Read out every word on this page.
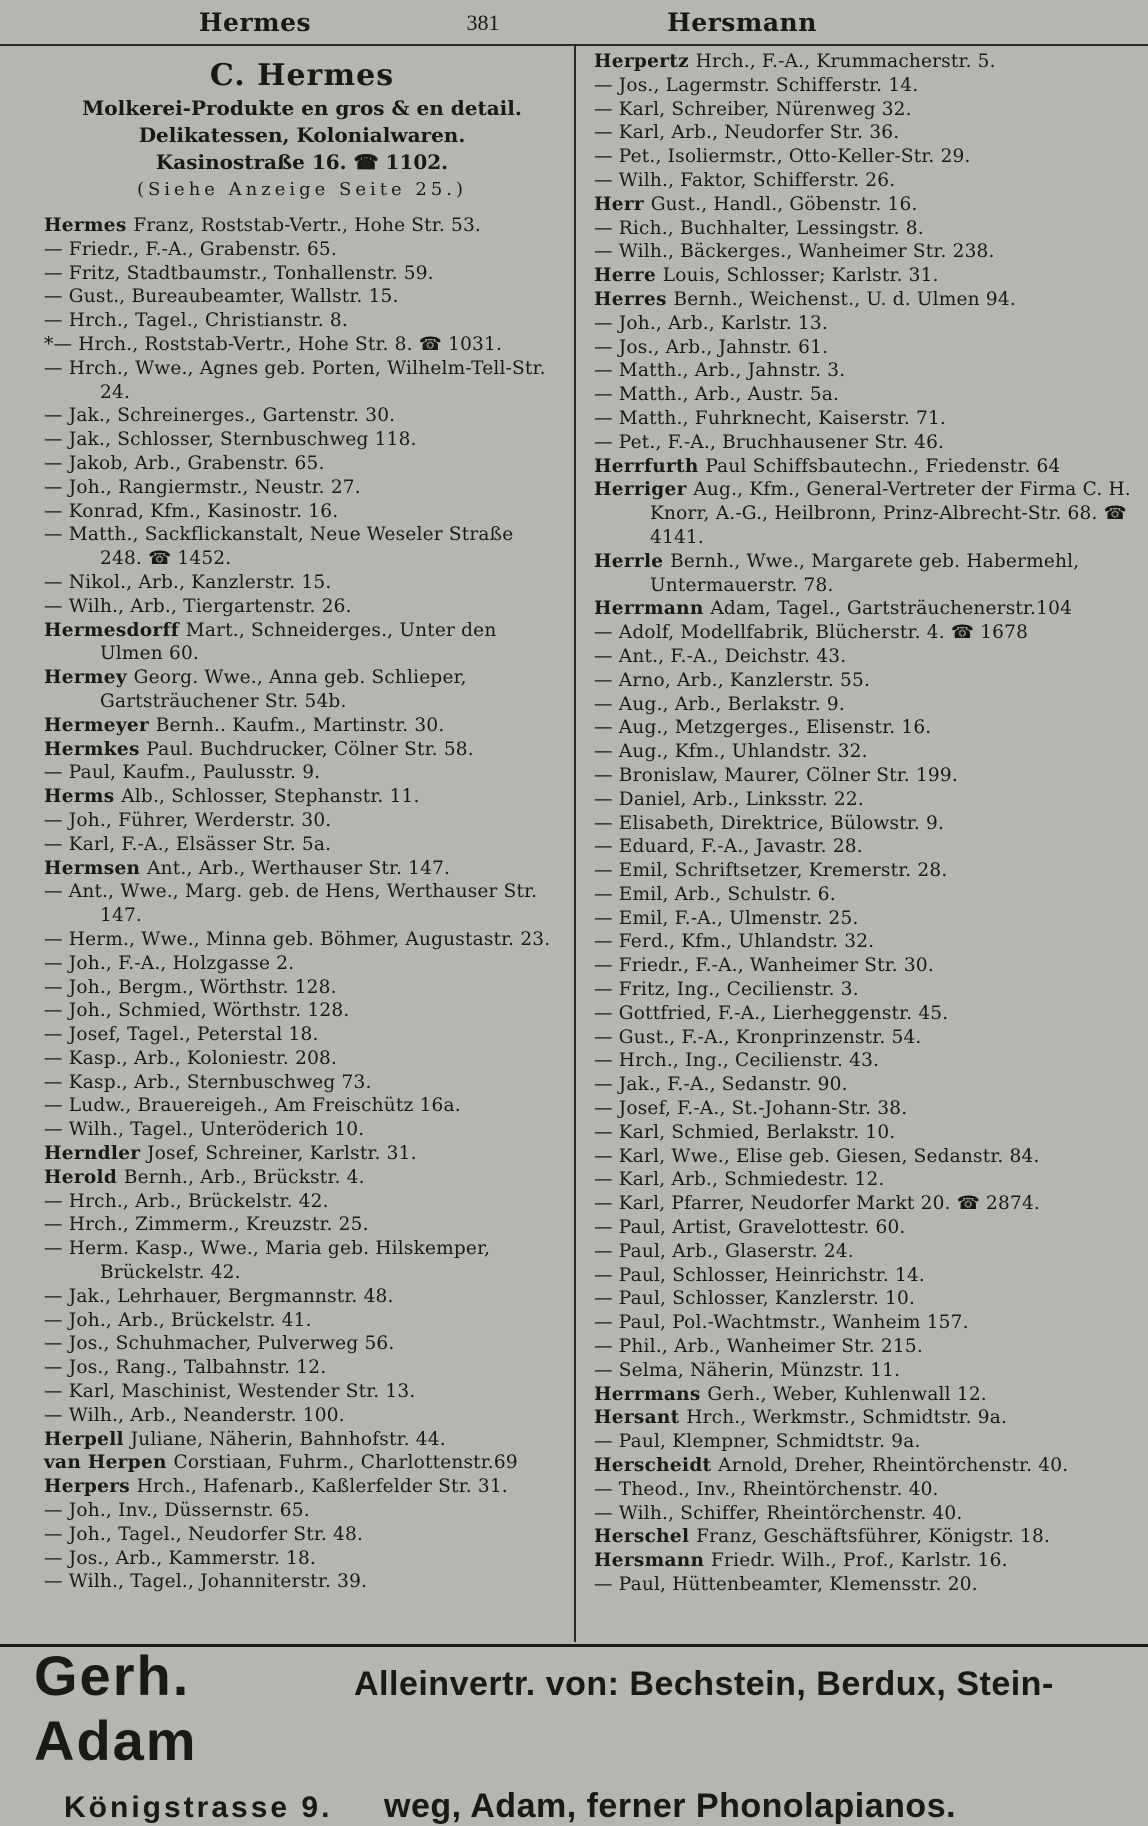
Hermes	381	Hersmann
C. Hermes
Molkerei-Produkte en gros & en detail.
Delikatessen, Kolonialwaren.
Kasinostraße 16. ☎ 1102.
(Siehe Anzeige Seite 25.)
Hermes Franz, Roststab-Vertr., Hohe Str. 53.
— Friedr., F.-A., Grabenstr. 65.
— Fritz, Stadtbaumstr., Tonhallenstr. 59.
— Gust., Bureaubeamter, Wallstr. 15.
— Hrch., Tagel., Christianstr. 8.
*— Hrch., Roststab-Vertr., Hohe Str. 8. ☎ 1031.
— Hrch., Wwe., Agnes geb. Porten, Wilhelm-Tell-Str. 24.
— Jak., Schreinerges., Gartenstr. 30.
— Jak., Schlosser, Sternbuschweg 118.
— Jakob, Arb., Grabenstr. 65.
— Joh., Rangiermstr., Neustr. 27.
— Konrad, Kfm., Kasinostr. 16.
— Matth., Sackflickanstalt, Neue Weseler Straße 248. ☎ 1452.
— Nikol., Arb., Kanzlerstr. 15.
— Wilh., Arb., Tiergartenstr. 26.
Hermesdorff Mart., Schneiderges., Unter den Ulmen 60.
Hermey Georg. Wwe., Anna geb. Schlieper, Gartsträuchener Str. 54b.
Hermeyer Bernh.. Kaufm., Martinstr. 30.
Hermkes Paul. Buchdrucker, Cölner Str. 58.
— Paul, Kaufm., Paulusstr. 9.
Herms Alb., Schlosser, Stephanstr. 11.
— Joh., Führer, Werderstr. 30.
— Karl, F.-A., Elsässer Str. 5a.
Hermsen Ant., Arb., Werthauser Str. 147.
— Ant., Wwe., Marg. geb. de Hens, Werthauser Str. 147.
— Herm., Wwe., Minna geb. Böhmer, Augustastr. 23.
— Joh., F.-A., Holzgasse 2.
— Joh., Bergm., Wörthstr. 128.
— Joh., Schmied, Wörthstr. 128.
— Josef, Tagel., Peterstal 18.
— Kasp., Arb., Koloniestr. 208.
— Kasp., Arb., Sternbuschweg 73.
— Ludw., Brauereigeh., Am Freischütz 16a.
— Wilh., Tagel., Unteröderich 10.
Herndler Josef, Schreiner, Karlstr. 31.
Herold Bernh., Arb., Brückstr. 4.
— Hrch., Arb., Brückelstr. 42.
— Hrch., Zimmerm., Kreuzstr. 25.
— Herm. Kasp., Wwe., Maria geb. Hilskemper, Brückelstr. 42.
— Jak., Lehrhauer, Bergmannstr. 48.
— Joh., Arb., Brückelstr. 41.
— Jos., Schuhmacher, Pulverweg 56.
— Jos., Rang., Talbahnstr. 12.
— Karl, Maschinist, Westender Str. 13.
— Wilh., Arb., Neanderstr. 100.
Herpell Juliane, Näherin, Bahnhofstr. 44.
van Herpen Corstiaan, Fuhrm., Charlottenstr.69
Herpers Hrch., Hafenarb., Kaßlerfelder Str. 31.
— Joh., Inv., Düssernstr. 65.
— Joh., Tagel., Neudorfer Str. 48.
— Jos., Arb., Kammerstr. 18.
— Wilh., Tagel., Johanniterstr. 39.
Herpertz Hrch., F.-A., Krummacherstr. 5.
— Jos., Lagermstr. Schifferstr. 14.
— Karl, Schreiber, Nürenweg 32.
— Karl, Arb., Neudorfer Str. 36.
— Pet., Isoliermstr., Otto-Keller-Str. 29.
— Wilh., Faktor, Schifferstr. 26.
Herr Gust., Handl., Göbenstr. 16.
— Rich., Buchhalter, Lessingstr. 8.
— Wilh., Bäckerges., Wanheimer Str. 238.
Herre Louis, Schlosser; Karlstr. 31.
Herres Bernh., Weichenst., U. d. Ulmen 94.
— Joh., Arb., Karlstr. 13.
— Jos., Arb., Jahnstr. 61.
— Matth., Arb., Jahnstr. 3.
— Matth., Arb., Austr. 5a.
— Matth., Fuhrknecht, Kaiserstr. 71.
— Pet., F.-A., Bruchhausener Str. 46.
Herrfurth Paul Schiffsbautechn., Friedenstr. 64
Herriger Aug., Kfm., General-Vertreter der Firma C. H. Knorr, A.-G., Heilbronn, Prinz-Albrecht-Str. 68. ☎ 4141.
Herrle Bernh., Wwe., Margarete geb. Habermehl, Untermauerstr. 78.
Herrmann Adam, Tagel., Gartsträuchenerstr.104
— Adolf, Modellfabrik, Blücherstr. 4. ☎ 1678
— Ant., F.-A., Deichstr. 43.
— Arno, Arb., Kanzlerstr. 55.
— Aug., Arb., Berlakstr. 9.
— Aug., Metzgerges., Elisenstr. 16.
— Aug., Kfm., Uhlandstr. 32.
— Bronislaw, Maurer, Cölner Str. 199.
— Daniel, Arb., Linksstr. 22.
— Elisabeth, Direktrice, Bülowstr. 9.
— Eduard, F.-A., Javastr. 28.
— Emil, Schriftsetzer, Kremerstr. 28.
— Emil, Arb., Schulstr. 6.
— Emil, F.-A., Ulmenstr. 25.
— Ferd., Kfm., Uhlandstr. 32.
— Friedr., F.-A., Wanheimer Str. 30.
— Fritz, Ing., Cecilienstr. 3.
— Gottfried, F.-A., Lierheggenstr. 45.
— Gust., F.-A., Kronprinzenstr. 54.
— Hrch., Ing., Cecilienstr. 43.
— Jak., F.-A., Sedanstr. 90.
— Josef, F.-A., St.-Johann-Str. 38.
— Karl, Schmied, Berlakstr. 10.
— Karl, Wwe., Elise geb. Giesen, Sedanstr. 84.
— Karl, Arb., Schmiedestr. 12.
— Karl, Pfarrer, Neudorfer Markt 20. ☎ 2874.
— Paul, Artist, Gravelottestr. 60.
— Paul, Arb., Glaserstr. 24.
— Paul, Schlosser, Heinrichstr. 14.
— Paul, Schlosser, Kanzlerstr. 10.
— Paul, Pol.-Wachtmstr., Wanheim 157.
— Phil., Arb., Wanheimer Str. 215.
— Selma, Näherin, Münzstr. 11.
Herrmans Gerh., Weber, Kuhlenwall 12.
Hersant Hrch., Werkmstr., Schmidtstr. 9a.
— Paul, Klempner, Schmidtstr. 9a.
Herscheidt Arnold, Dreher, Rheintörchenstr. 40.
— Theod., Inv., Rheintörchenstr. 40.
— Wilh., Schiffer, Rheintörchenstr. 40.
Herschel Franz, Geschäftsführer, Königstr. 18.
Hersmann Friedr. Wilh., Prof., Karlstr. 16.
— Paul, Hüttenbeamter, Klemensstr. 20.
Gerh. Adam
Alleinvertr. von: Bechstein, Berdux, Stein-
Königstrasse 9.	weg, Adam, ferner Phonolapianos.
